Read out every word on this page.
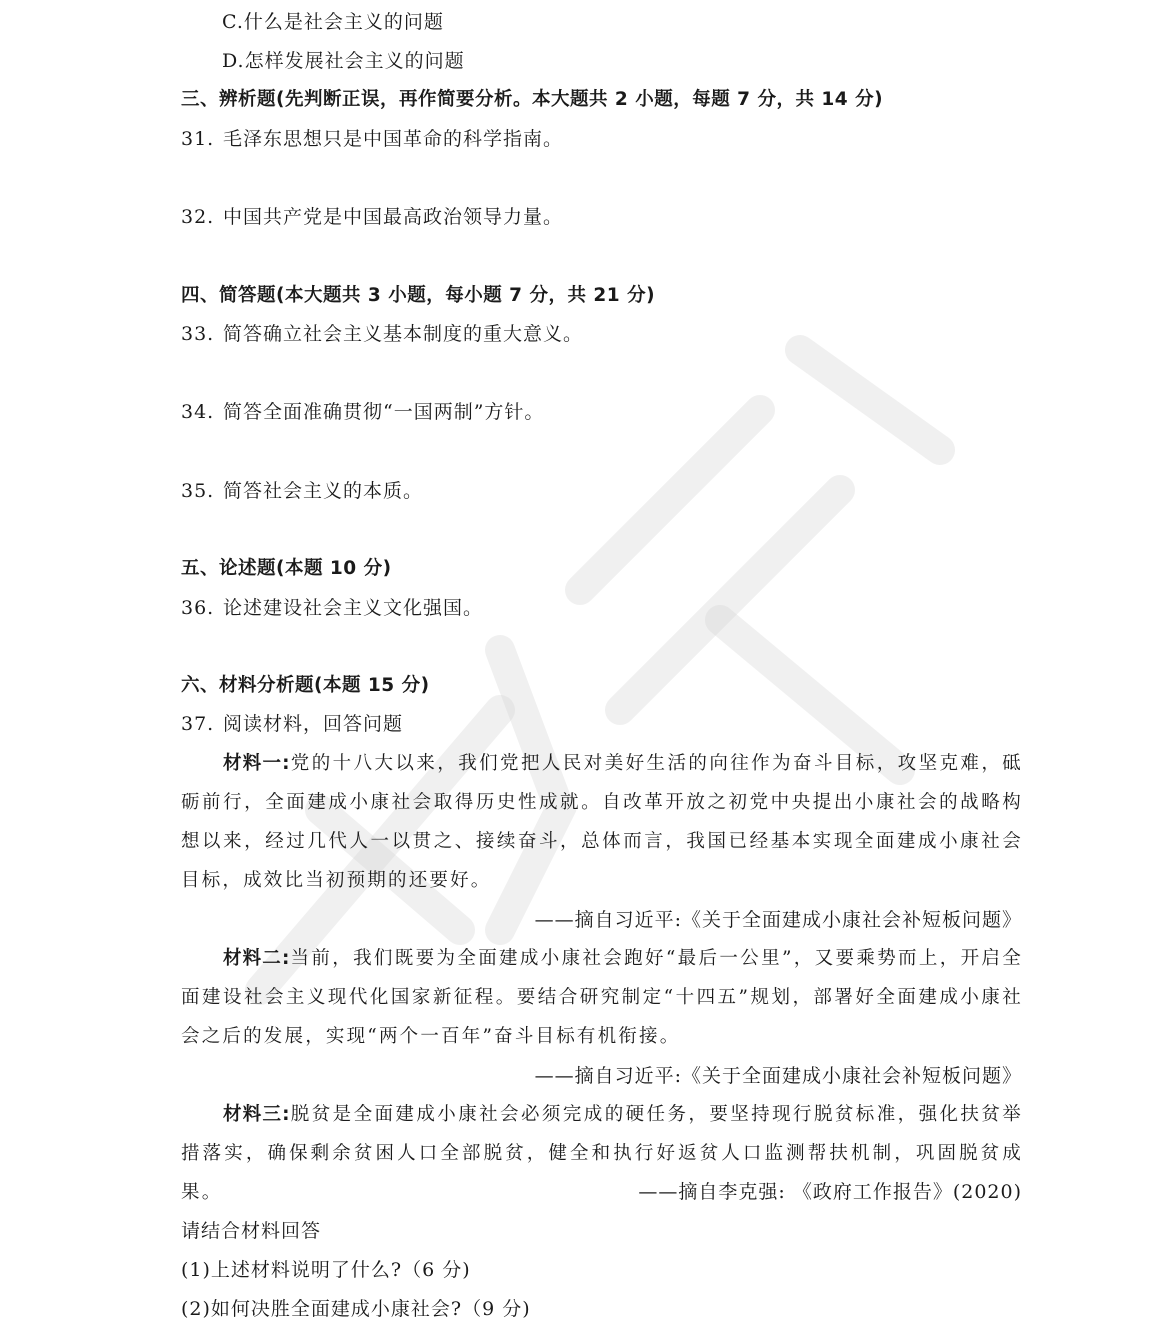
C.什么是社会主义的问题
D.怎样发展社会主义的问题
三、辨析题(先判断正误，再作简要分析。本大题共 2 小题，每题 7 分，共 14 分)
31. 毛泽东思想只是中国革命的科学指南。
32. 中国共产党是中国最高政治领导力量。
四、简答题(本大题共 3 小题，每小题 7 分，共 21 分)
33. 简答确立社会主义基本制度的重大意义。
34. 简答全面准确贯彻“一国两制”方针。
35. 简答社会主义的本质。
五、论述题(本题 10 分)
36. 论述建设社会主义文化强国。
六、材料分析题(本题 15 分)
37. 阅读材料，回答问题
材料一:党的十八大以来，我们党把人民对美好生活的向往作为奋斗目标，攻坚克难，砥砺前行，全面建成小康社会取得历史性成就。自改革开放之初党中央提出小康社会的战略构想以来，经过几代人一以贯之、接续奋斗，总体而言，我国已经基本实现全面建成小康社会目标，成效比当初预期的还要好。
——摘自习近平:《关于全面建成小康社会补短板问题》
材料二:当前，我们既要为全面建成小康社会跑好“最后一公里”，又要乘势而上，开启全面建设社会主义现代化国家新征程。要结合研究制定“十四五”规划，部署好全面建成小康社会之后的发展，实现“两个一百年”奋斗目标有机衔接。
——摘自习近平:《关于全面建成小康社会补短板问题》
材料三:脱贫是全面建成小康社会必须完成的硬任务，要坚持现行脱贫标准，强化扶贫举措落实，确保剩余贫困人口全部脱贫，健全和执行好返贫人口监测帮扶机制，巩固脱贫成果。	——摘自李克强: 《政府工作报告》(2020)
请结合材料回答
(1)上述材料说明了什么?（6 分)
(2)如何决胜全面建成小康社会?（9 分)
